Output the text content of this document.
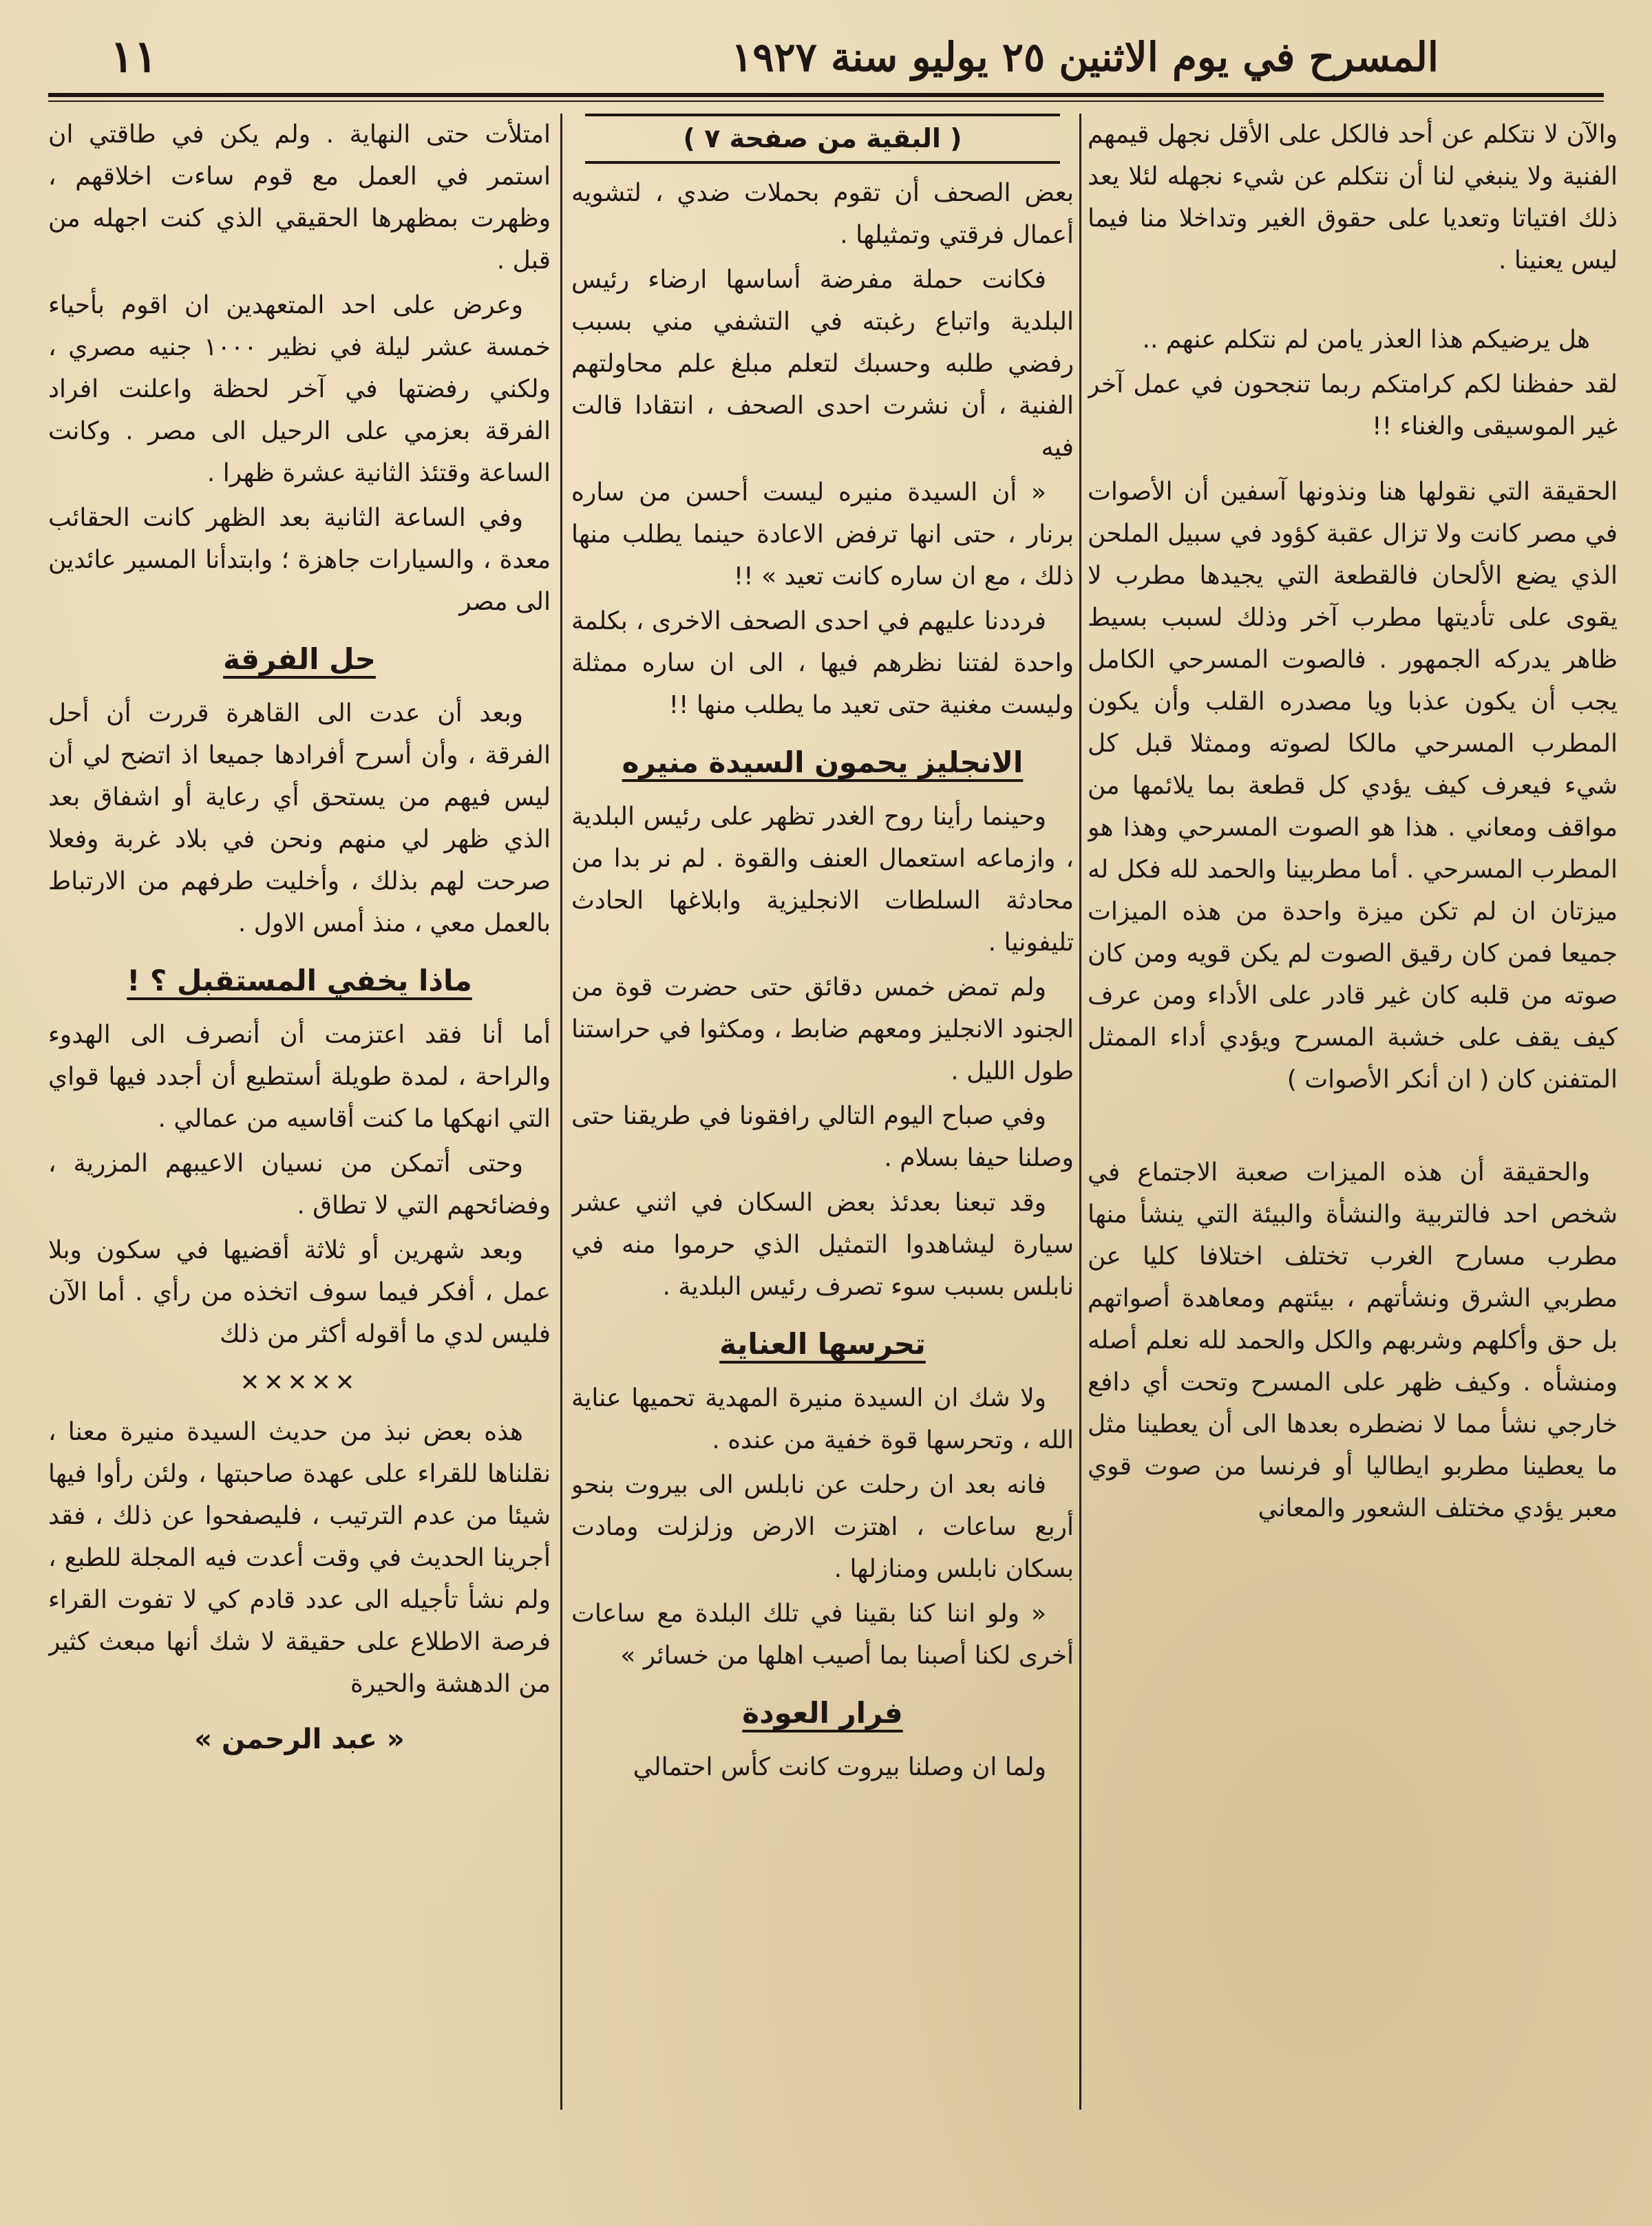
١١	المسرح في يوم الاثنين ٢٥ يوليو سنة ١٩٢٧

والآن لا نتكلم عن أحد فالكل على الأقل نجهل قيمهم الفنية ولا ينبغي لنا أن نتكلم عن شيء نجهله لئلا يعد ذلك افتياتا وتعديا على حقوق الغير وتداخلا منا فيما ليس يعنينا .

هل يرضيكم هذا العذر يامن لم نتكلم عنهم ..

لقد حفظنا لكم كرامتكم ربما تنجحون في عمل آخر غير الموسيقى والغناء !!

الحقيقة التي نقولها هنا ونذونها آسفين أن الأصوات في مصر كانت ولا تزال عقبة كؤود في سبيل الملحن الذي يضع الألحان فالقطعة التي يجيدها مطرب لا يقوى على تأديتها مطرب آخر وذلك لسبب بسيط ظاهر يدركه الجمهور . فالصوت المسرحي الكامل يجب أن يكون عذبا ويا مصدره القلب وأن يكون المطرب المسرحي مالكا لصوته وممثلا قبل كل شيء فيعرف كيف يؤدي كل قطعة بما يلائمها من مواقف ومعاني . هذا هو الصوت المسرحي وهذا هو المطرب المسرحي . أما مطربينا والحمد لله فكل له ميزتان ان لم تكن ميزة واحدة من هذه الميزات جميعا فمن كان رقيق الصوت لم يكن قويه ومن كان صوته من قلبه كان غير قادر على الأداء ومن عرف كيف يقف على خشبة المسرح ويؤدي أداء الممثل المتفنن كان ( ان أنكر الأصوات )

والحقيقة أن هذه الميزات صعبة الاجتماع في شخص احد فالتربية والنشأة والبيئة التي ينشأ منها مطرب مسارح الغرب تختلف اختلافا كليا عن مطربي الشرق ونشأتهم ، بيئتهم ومعاهدة أصواتهم بل حق وأكلهم وشربهم والكل والحمد لله نعلم أصله ومنشأه . وكيف ظهر على المسرح وتحت أي دافع خارجي نشأ مما لا نضطره بعدها الى أن يعطينا مثل ما يعطينا مطربو ايطاليا أو فرنسا من صوت قوي معبر يؤدي مختلف الشعور والمعاني

( البقية من صفحة ٧ )

بعض الصحف أن تقوم بحملات ضدي ، لتشويه أعمال فرقتي وتمثيلها .

فكانت حملة مفرضة أساسها ارضاء رئيس البلدية واتباع رغبته في التشفي مني بسبب رفضي طلبه وحسبك لتعلم مبلغ علم محاولتهم الفنية ، أن نشرت احدى الصحف ، انتقادا قالت فيه

« أن السيدة منيره ليست أحسن من ساره برنار ، حتى انها ترفض الاعادة حينما يطلب منها ذلك ، مع ان ساره كانت تعيد » !!

فرددنا عليهم في احدى الصحف الاخرى ، بكلمة واحدة لفتنا نظرهم فيها ، الى ان ساره ممثلة وليست مغنية حتى تعيد ما يطلب منها !!

الانجليز يحمون السيدة منيره

وحينما رأينا روح الغدر تظهر على رئيس البلدية ، وازماعه استعمال العنف والقوة . لم نر بدا من محادثة السلطات الانجليزية وابلاغها الحادث تليفونيا .

ولم تمض خمس دقائق حتى حضرت قوة من الجنود الانجليز ومعهم ضابط ، ومكثوا في حراستنا طول الليل .

وفي صباح اليوم التالي رافقونا في طريقنا حتى وصلنا حيفا بسلام .

وقد تبعنا بعدئذ بعض السكان في اثني عشر سيارة ليشاهدوا التمثيل الذي حرموا منه في نابلس بسبب سوء تصرف رئيس البلدية .

تحرسها العناية

ولا شك ان السيدة منيرة المهدية تحميها عناية الله ، وتحرسها قوة خفية من عنده .

فانه بعد ان رحلت عن نابلس الى بيروت بنحو أربع ساعات ، اهتزت الارض وزلزلت ومادت بسكان نابلس ومنازلها .

« ولو اننا كنا بقينا في تلك البلدة مع ساعات أخرى لكنا أصبنا بما أصيب اهلها من خسائر »

فرار العودة

ولما ان وصلنا بيروت كانت كأس احتمالي

امتلأت حتى النهاية . ولم يكن في طاقتي ان استمر في العمل مع قوم ساءت اخلاقهم ، وظهرت بمظهرها الحقيقي الذي كنت اجهله من قبل .

وعرض على احد المتعهدين ان اقوم بأحياء خمسة عشر ليلة في نظير ١٠٠٠ جنيه مصري ، ولكني رفضتها في آخر لحظة واعلنت افراد الفرقة بعزمي على الرحيل الى مصر . وكانت الساعة وقتئذ الثانية عشرة ظهرا .

وفي الساعة الثانية بعد الظهر كانت الحقائب معدة ، والسيارات جاهزة ؛ وابتدأنا المسير عائدين الى مصر

حل الفرقة

وبعد أن عدت الى القاهرة قررت أن أحل الفرقة ، وأن أسرح أفرادها جميعا اذ اتضح لي أن ليس فيهم من يستحق أي رعاية أو اشفاق بعد الذي ظهر لي منهم ونحن في بلاد غربة وفعلا صرحت لهم بذلك ، وأخليت طرفهم من الارتباط بالعمل معي ، منذ أمس الاول .

ماذا يخفي المستقبل ؟ !

أما أنا فقد اعتزمت أن أنصرف الى الهدوء والراحة ، لمدة طويلة أستطيع أن أجدد فيها قواي التي انهكها ما كنت أقاسيه من عمالي .

وحتى أتمكن من نسيان الاعيبهم المزرية ، وفضائحهم التي لا تطاق .

وبعد شهرين أو ثلاثة أقضيها في سكون وبلا عمل ، أفكر فيما سوف اتخذه من رأي . أما الآن فليس لدي ما أقوله أكثر من ذلك

✕✕✕✕✕

هذه بعض نبذ من حديث السيدة منيرة معنا ، نقلناها للقراء على عهدة صاحبتها ، ولئن رأوا فيها شيئا من عدم الترتيب ، فليصفحوا عن ذلك ، فقد أجرينا الحديث في وقت أعدت فيه المجلة للطبع ، ولم نشأ تأجيله الى عدد قادم كي لا تفوت القراء فرصة الاطلاع على حقيقة لا شك أنها مبعث كثير من الدهشة والحيرة

« عبد الرحمن »
